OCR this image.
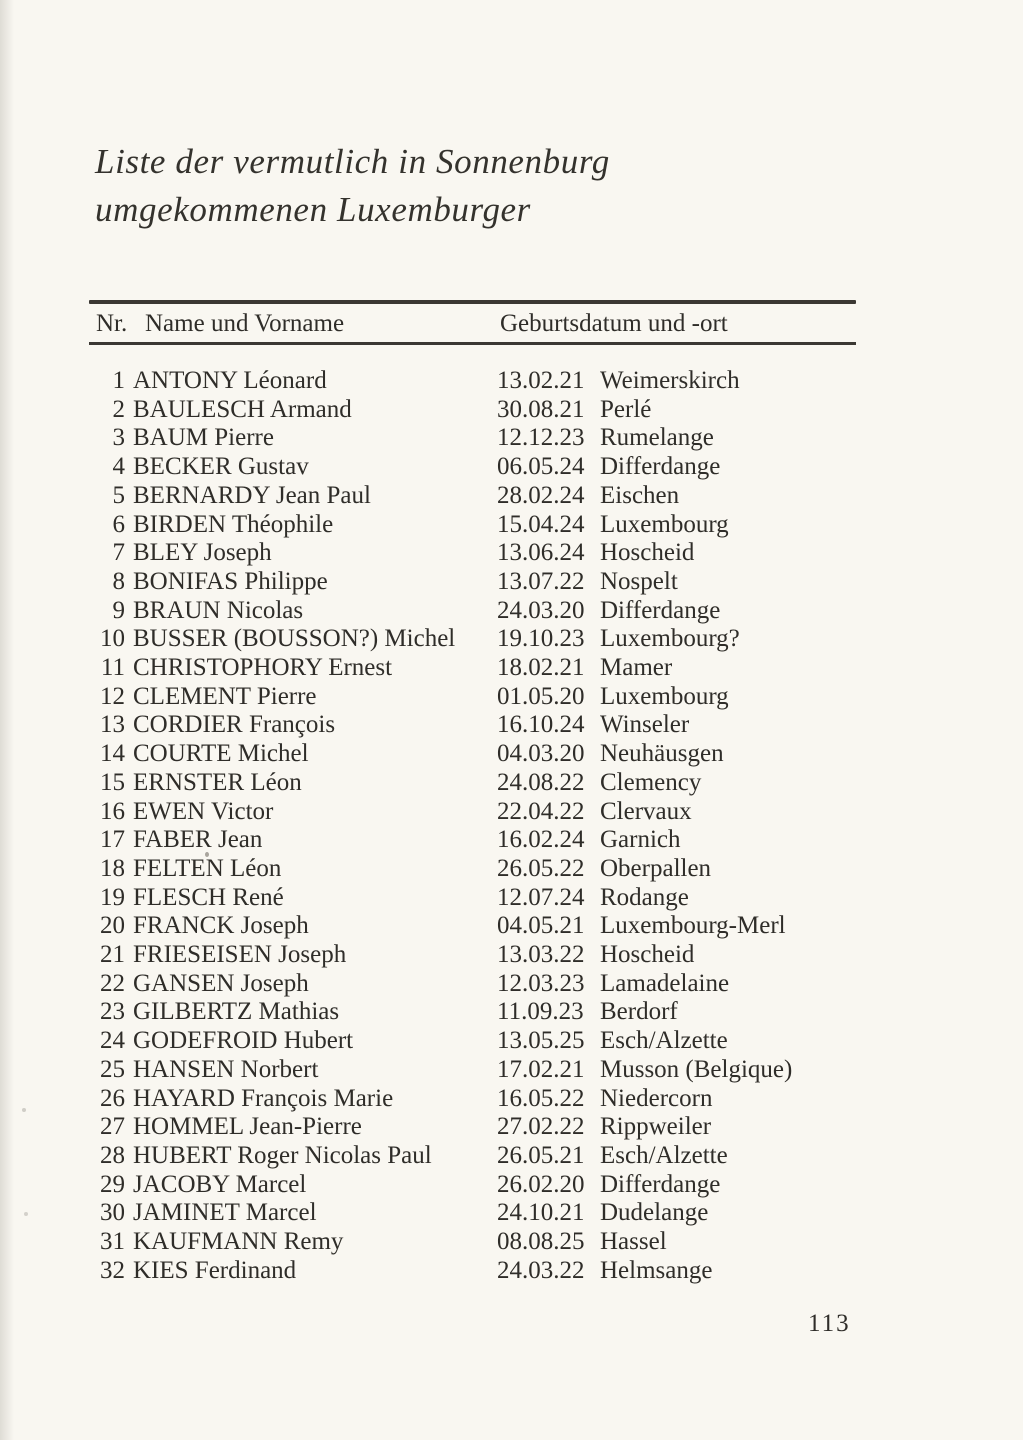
Liste der vermutlich in Sonnenburg
umgekommenen Luxemburger
Nr. Name und Vorname	Geburtsdatum und -ort
1 ANTONY Léonard	13.02.21 Weimerskirch
2 BAULESCH Armand	30.08.21 Perlé
3 BAUM Pierre	12.12.23 Rumelange
4 BECKER Gustav	06.05.24 Differdange
5 BERNARDY Jean Paul	28.02.24 Eischen
6 BIRDEN Théophile	15.04.24 Luxembourg
7 BLEY Joseph	13.06.24 Hoscheid
8 BONIFAS Philippe	13.07.22 Nospelt
9 BRAUN Nicolas	24.03.20 Differdange
10 BUSSER (BOUSSON?) Michel	19.10.23 Luxembourg?
11 CHRISTOPHORY Ernest	18.02.21 Mamer
12 CLEMENT Pierre	01.05.20 Luxembourg
13 CORDIER François	16.10.24 Winseler
14 COURTE Michel	04.03.20 Neuhäusgen
15 ERNSTER Léon	24.08.22 Clemency
16 EWEN Victor	22.04.22 Clervaux
17 FABER Jean	16.02.24 Garnich
18 FELTEN Léon	26.05.22 Oberpallen
19 FLESCH René	12.07.24 Rodange
20 FRANCK Joseph	04.05.21 Luxembourg-Merl
21 FRIESEISEN Joseph	13.03.22 Hoscheid
22 GANSEN Joseph	12.03.23 Lamadelaine
23 GILBERTZ Mathias	11.09.23 Berdorf
24 GODEFROID Hubert	13.05.25 Esch/Alzette
25 HANSEN Norbert	17.02.21 Musson (Belgique)
26 HAYARD François Marie	16.05.22 Niedercorn
27 HOMMEL Jean-Pierre	27.02.22 Rippweiler
28 HUBERT Roger Nicolas Paul	26.05.21 Esch/Alzette
29 JACOBY Marcel	26.02.20 Differdange
30 JAMINET Marcel	24.10.21 Dudelange
31 KAUFMANN Remy	08.08.25 Hassel
32 KIES Ferdinand	24.03.22 Helmsange
113
